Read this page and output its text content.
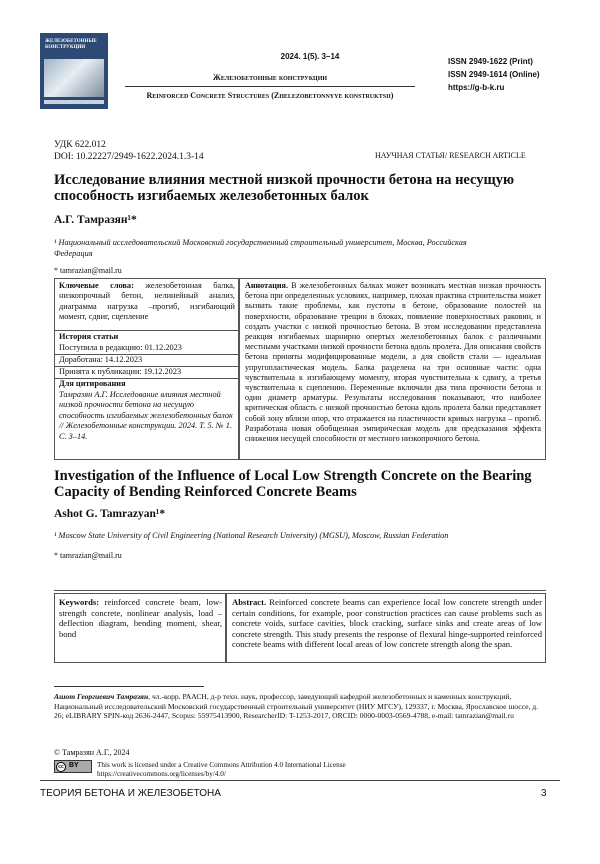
ЖЕЛЕЗОБЕТОННЫЕ КОНСТРУКЦИИ
2024. 1(5). 3–14
Железобетонные конструкции
Reinforced Concrete Structures (Zhelezobetonnyye konstruktsii)
ISSN 2949-1622 (Print)
ISSN 2949-1614 (Online)
https://g-b-k.ru
УДК 622.012
DOI: 10.22227/2949-1622.2024.1.3-14	НАУЧНАЯ СТАТЬЯ/ RESEARCH ARTICLE
Исследование влияния местной низкой прочности бетона на несущую способность изгибаемых железобетонных балок
А.Г. Тамразян¹*
¹ Национальный исследовательский Московский государственный строительный университет, Москва, Российская Федерация
* tamrazian@mail.ru
Ключевые слова: железобетонная балка, низкопрочный бетон, нелинейный анализ, диаграмма нагрузка –прогиб, изгибающий момент, сдвиг, сцепление
История статьи
Поступила в редакцию: 01.12.2023
Доработана: 14.12.2023
Принята к публикации: 19.12.2023
Для цитирования
Тамразян А.Г. Исследование влияния местной низкой прочности бетона на несущую способность изгибаемых железобетонных балок // Железобетонные конструкции. 2024. Т. 5. № 1. С. 3–14.
Аннотация. В железобетонных балках может возникать местная низкая прочность бетона при определенных условиях, например, плохая практика строительства может вызвать такие проблемы, как пустоты в бетоне, образование полостей на поверхности, образование трещин в блоках, появление поверхностных раковин, и создать участки с низкой прочностью бетона. В этом исследовании представлена реакция изгибаемых шарнирно опертых железобетонных балок с различными местными участками низкой прочности бетона вдоль пролета. Для описания свойств бетона приняты модифицированные модели, а для свойств стали — идеальная упругопластическая модель. Балка разделена на три основные части: одна чувствительна к изгибающему моменту, вторая чувствительна к сдвигу, а третья чувствительна к сцеплению. Переменные включали два типа прочности бетона и один диаметр арматуры. Результаты исследования показывают, что наиболее критическая область с низкой прочностью бетона вдоль пролета балки представляет собой зону вблизи опор, что отражается на пластичности кривых нагрузка – прогиб. Разработана новая обобщенная эмпирическая модель для предсказания эффекта снижения несущей способности от местного низкопрочного бетона.
Investigation of the Influence of Local Low Strength Concrete on the Bearing Capacity of Bending Reinforced Concrete Beams
Ashot G. Tamrazyan¹*
¹ Moscow State University of Civil Engineering (National Research University) (MGSU), Moscow, Russian Federation
* tamrazian@mail.ru
Keywords: reinforced concrete beam, low-strength concrete, nonlinear analysis, load – deflection diagram, bending moment, shear, bond
Abstract. Reinforced concrete beams can experience local low concrete strength under certain conditions, for example, poor construction practices can cause problems such as concrete voids, surface cavities, block cracking, surface sinks and create areas of low concrete strength. This study presents the response of flexural hinge-supported reinforced concrete beams with different local areas of low concrete strength along the span.
Ашот Георгиевич Тамразян, чл.-корр. РААСН, д-р техн. наук, профессор, заведующий кафедрой железобетонных и каменных конструкций, Национальный исследовательский Московский государственный строительный университет (НИУ МГСУ), 129337, г. Москва, Ярославское шоссе, д. 26; eLIBRARY SPIN-код 2636-2447, Scopus: 55975413900, ResearcherID: T-1253-2017, ORCID: 0000-0003-0569-4788, e-mail: tamrazian@mail.ru
© Тамразян А.Г., 2024
cc BY	This work is licensed under a Creative Commons Attribution 4.0 International License
https://creativecommons.org/licenses/by/4.0/
ТЕОРИЯ БЕТОНА И ЖЕЛЕЗОБЕТОНА	3
